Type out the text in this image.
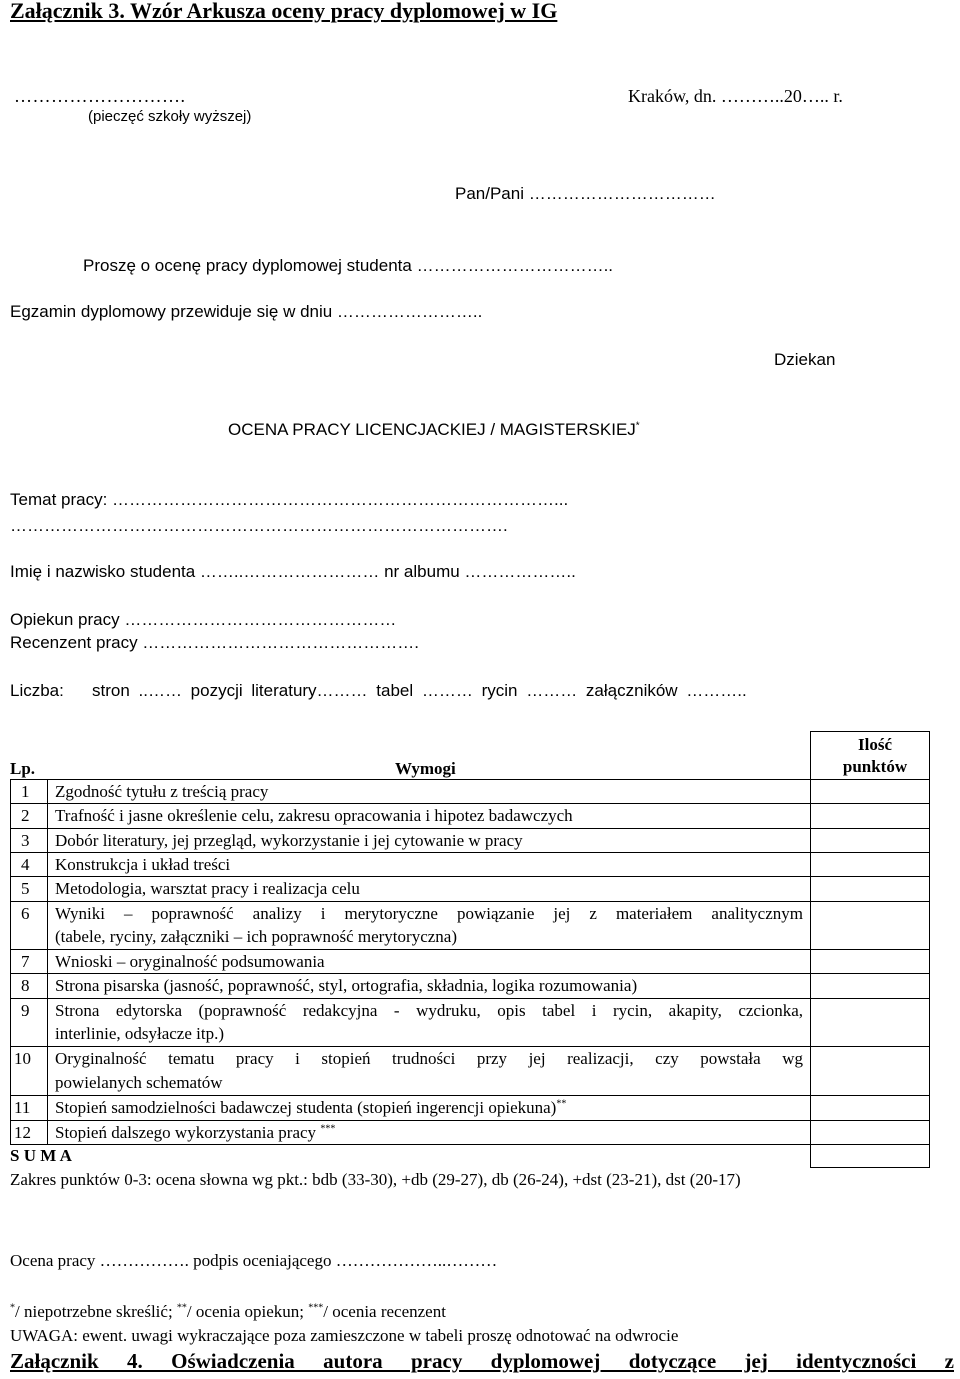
Załącznik 3. Wzór Arkusza oceny pracy dyplomowej w IG
……………………….
(pieczęć szkoły wyższej)
Kraków, dn. ………..20….. r.
Pan/Pani ……………………………
Proszę o ocenę pracy dyplomowej studenta ……………………………..
Egzamin dyplomowy przewiduje się w dniu ……………………..
Dziekan
OCENA PRACY LICENCJACKIEJ / MAGISTERSKIEJ*
Temat pracy: ……………………………………………………………………...
…………………………………………………………………………….
Imię i nazwisko studenta ……..…………………… nr albumu ………………..
Opiekun pracy …………………………………………
Recenzent pracy ………………………………………….
Liczba: stron ..…… pozycji literatury……… tabel ……… rycin ……… załączników ………..
Lp.	Wymogi
Ilość
punktów
1 Zgodność tytułu z treścią pracy
2 Trafność i jasne określenie celu, zakresu opracowania i hipotez badawczych
3 Dobór literatury, jej przegląd, wykorzystanie i jej cytowanie w pracy
4 Konstrukcja i układ treści
5 Metodologia, warsztat pracy i realizacja celu
6 Wyniki – poprawność analizy i merytoryczne powiązanie jej z materiałem analitycznym
(tabele, ryciny, załączniki – ich poprawność merytoryczna)
7 Wnioski – oryginalność podsumowania
8 Strona pisarska (jasność, poprawność, styl, ortografia, składnia, logika rozumowania)
9 Strona edytorska (poprawność redakcyjna - wydruku, opis tabel i rycin, akapity, czcionka,
interlinie, odsyłacze itp.)
10 Oryginalność tematu pracy i stopień trudności przy jej realizacji, czy powstała wg
powielanych schematów
11 Stopień samodzielności badawczej studenta (stopień ingerencji opiekuna)**
12 Stopień dalszego wykorzystania pracy ***
S U M A
Zakres punktów 0-3: ocena słowna wg pkt.: bdb (33-30), +db (29-27), db (26-24), +dst (23-21), dst (20-17)
Ocena pracy ……………. podpis oceniającego ………………..………
*/ niepotrzebne skreślić; **/ ocenia opiekun; ***/ ocenia recenzent
UWAGA: ewent. uwagi wykraczające poza zamieszczone w tabeli proszę odnotować na odwrocie
Załącznik 4. Oświadczenia autora pracy dyplomowej dotyczące jej identyczności z
